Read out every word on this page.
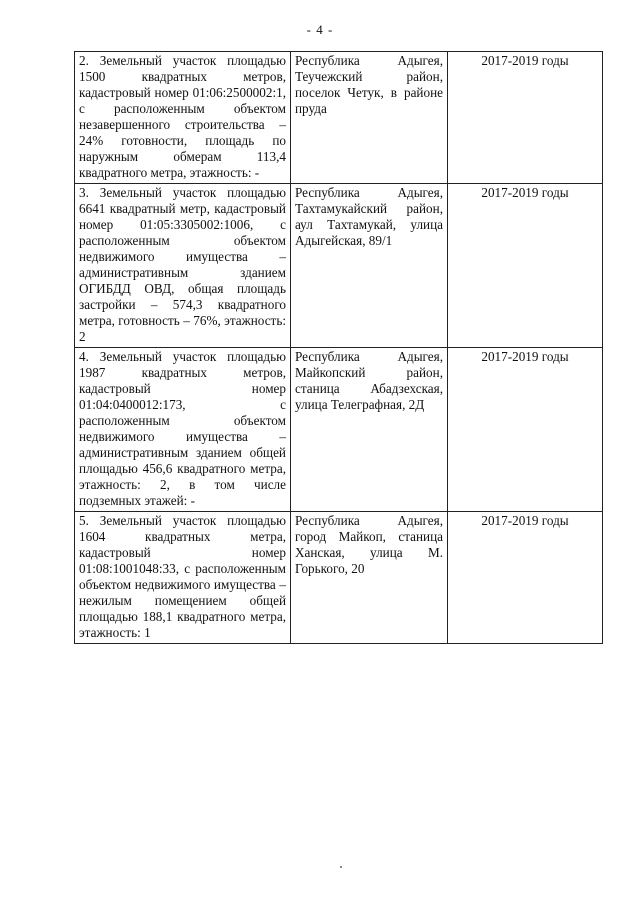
- 4 -
2. Земельный участок площадью 1500 квадратных метров, кадастровый номер 01:06:2500002:1, с расположенным объектом незавершенного строительства – 24% готовности, площадь по наружным обмерам 113,4 квадратного метра, этажность: -	Республика Адыгея, Теучежский район, поселок Четук, в районе пруда	2017-2019 годы
3. Земельный участок площадью 6641 квадратный метр, кадастровый номер 01:05:3305002:1006, с расположенным объектом недвижимого имущества – административным зданием ОГИБДД ОВД, общая площадь застройки – 574,3 квадратного метра, готовность – 76%, этажность: 2	Республика Адыгея, Тахтамукайский район, аул Тахтамукай, улица Адыгейская, 89/1	2017-2019 годы
4. Земельный участок площадью 1987 квадратных метров, кадастровый номер 01:04:0400012:173, с расположенным объектом недвижимого имущества – административным зданием общей площадью 456,6 квадратного метра, этажность: 2, в том числе подземных этажей: -	Республика Адыгея, Майкопский район, станица Абадзехская, улица Телеграфная, 2Д	2017-2019 годы
5. Земельный участок площадью 1604 квадратных метра, кадастровый номер 01:08:1001048:33, с расположенным объектом недвижимого имущества – нежилым помещением общей площадью 188,1 квадратного метра, этажность: 1	Республика Адыгея, город Майкоп, станица Ханская, улица М. Горького, 20	2017-2019 годы
